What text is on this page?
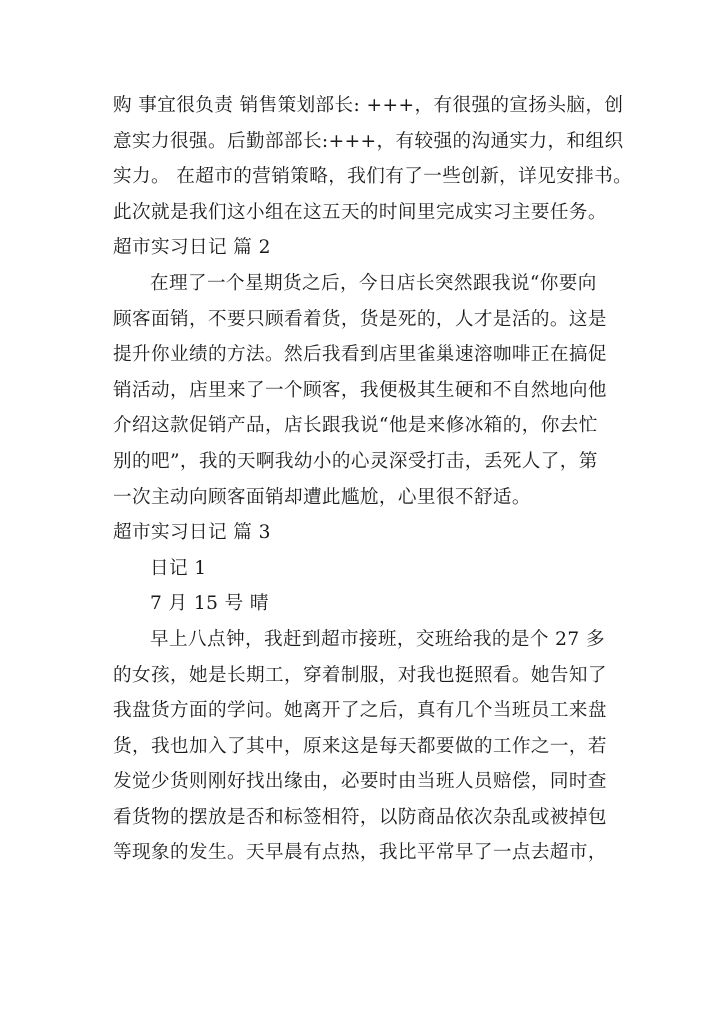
购 事宜很负责 销售策划部长: +++，有很强的宣扬头脑，创
意实力很强。后勤部部长:+++，有较强的沟通实力，和组织
实力。 在超市的营销策略，我们有了一些创新，详见安排书。
此次就是我们这小组在这五天的时间里完成实习主要任务。
超市实习日记 篇 2
在理了一个星期货之后，今日店长突然跟我说“你要向
顾客面销，不要只顾看着货，货是死的，人才是活的。这是
提升你业绩的方法。然后我看到店里雀巢速溶咖啡正在搞促
销活动，店里来了一个顾客，我便极其生硬和不自然地向他
介绍这款促销产品，店长跟我说“他是来修冰箱的，你去忙
别的吧”，我的天啊我幼小的心灵深受打击，丢死人了，第
一次主动向顾客面销却遭此尴尬，心里很不舒适。
超市实习日记 篇 3
日记 1
7 月 15 号 晴
早上八点钟，我赶到超市接班，交班给我的是个 27 多
的女孩，她是长期工，穿着制服，对我也挺照看。她告知了
我盘货方面的学问。她离开了之后，真有几个当班员工来盘
货，我也加入了其中，原来这是每天都要做的工作之一，若
发觉少货则刚好找出缘由，必要时由当班人员赔偿，同时查
看货物的摆放是否和标签相符，以防商品依次杂乱或被掉包
等现象的发生。天早晨有点热，我比平常早了一点去超市，
